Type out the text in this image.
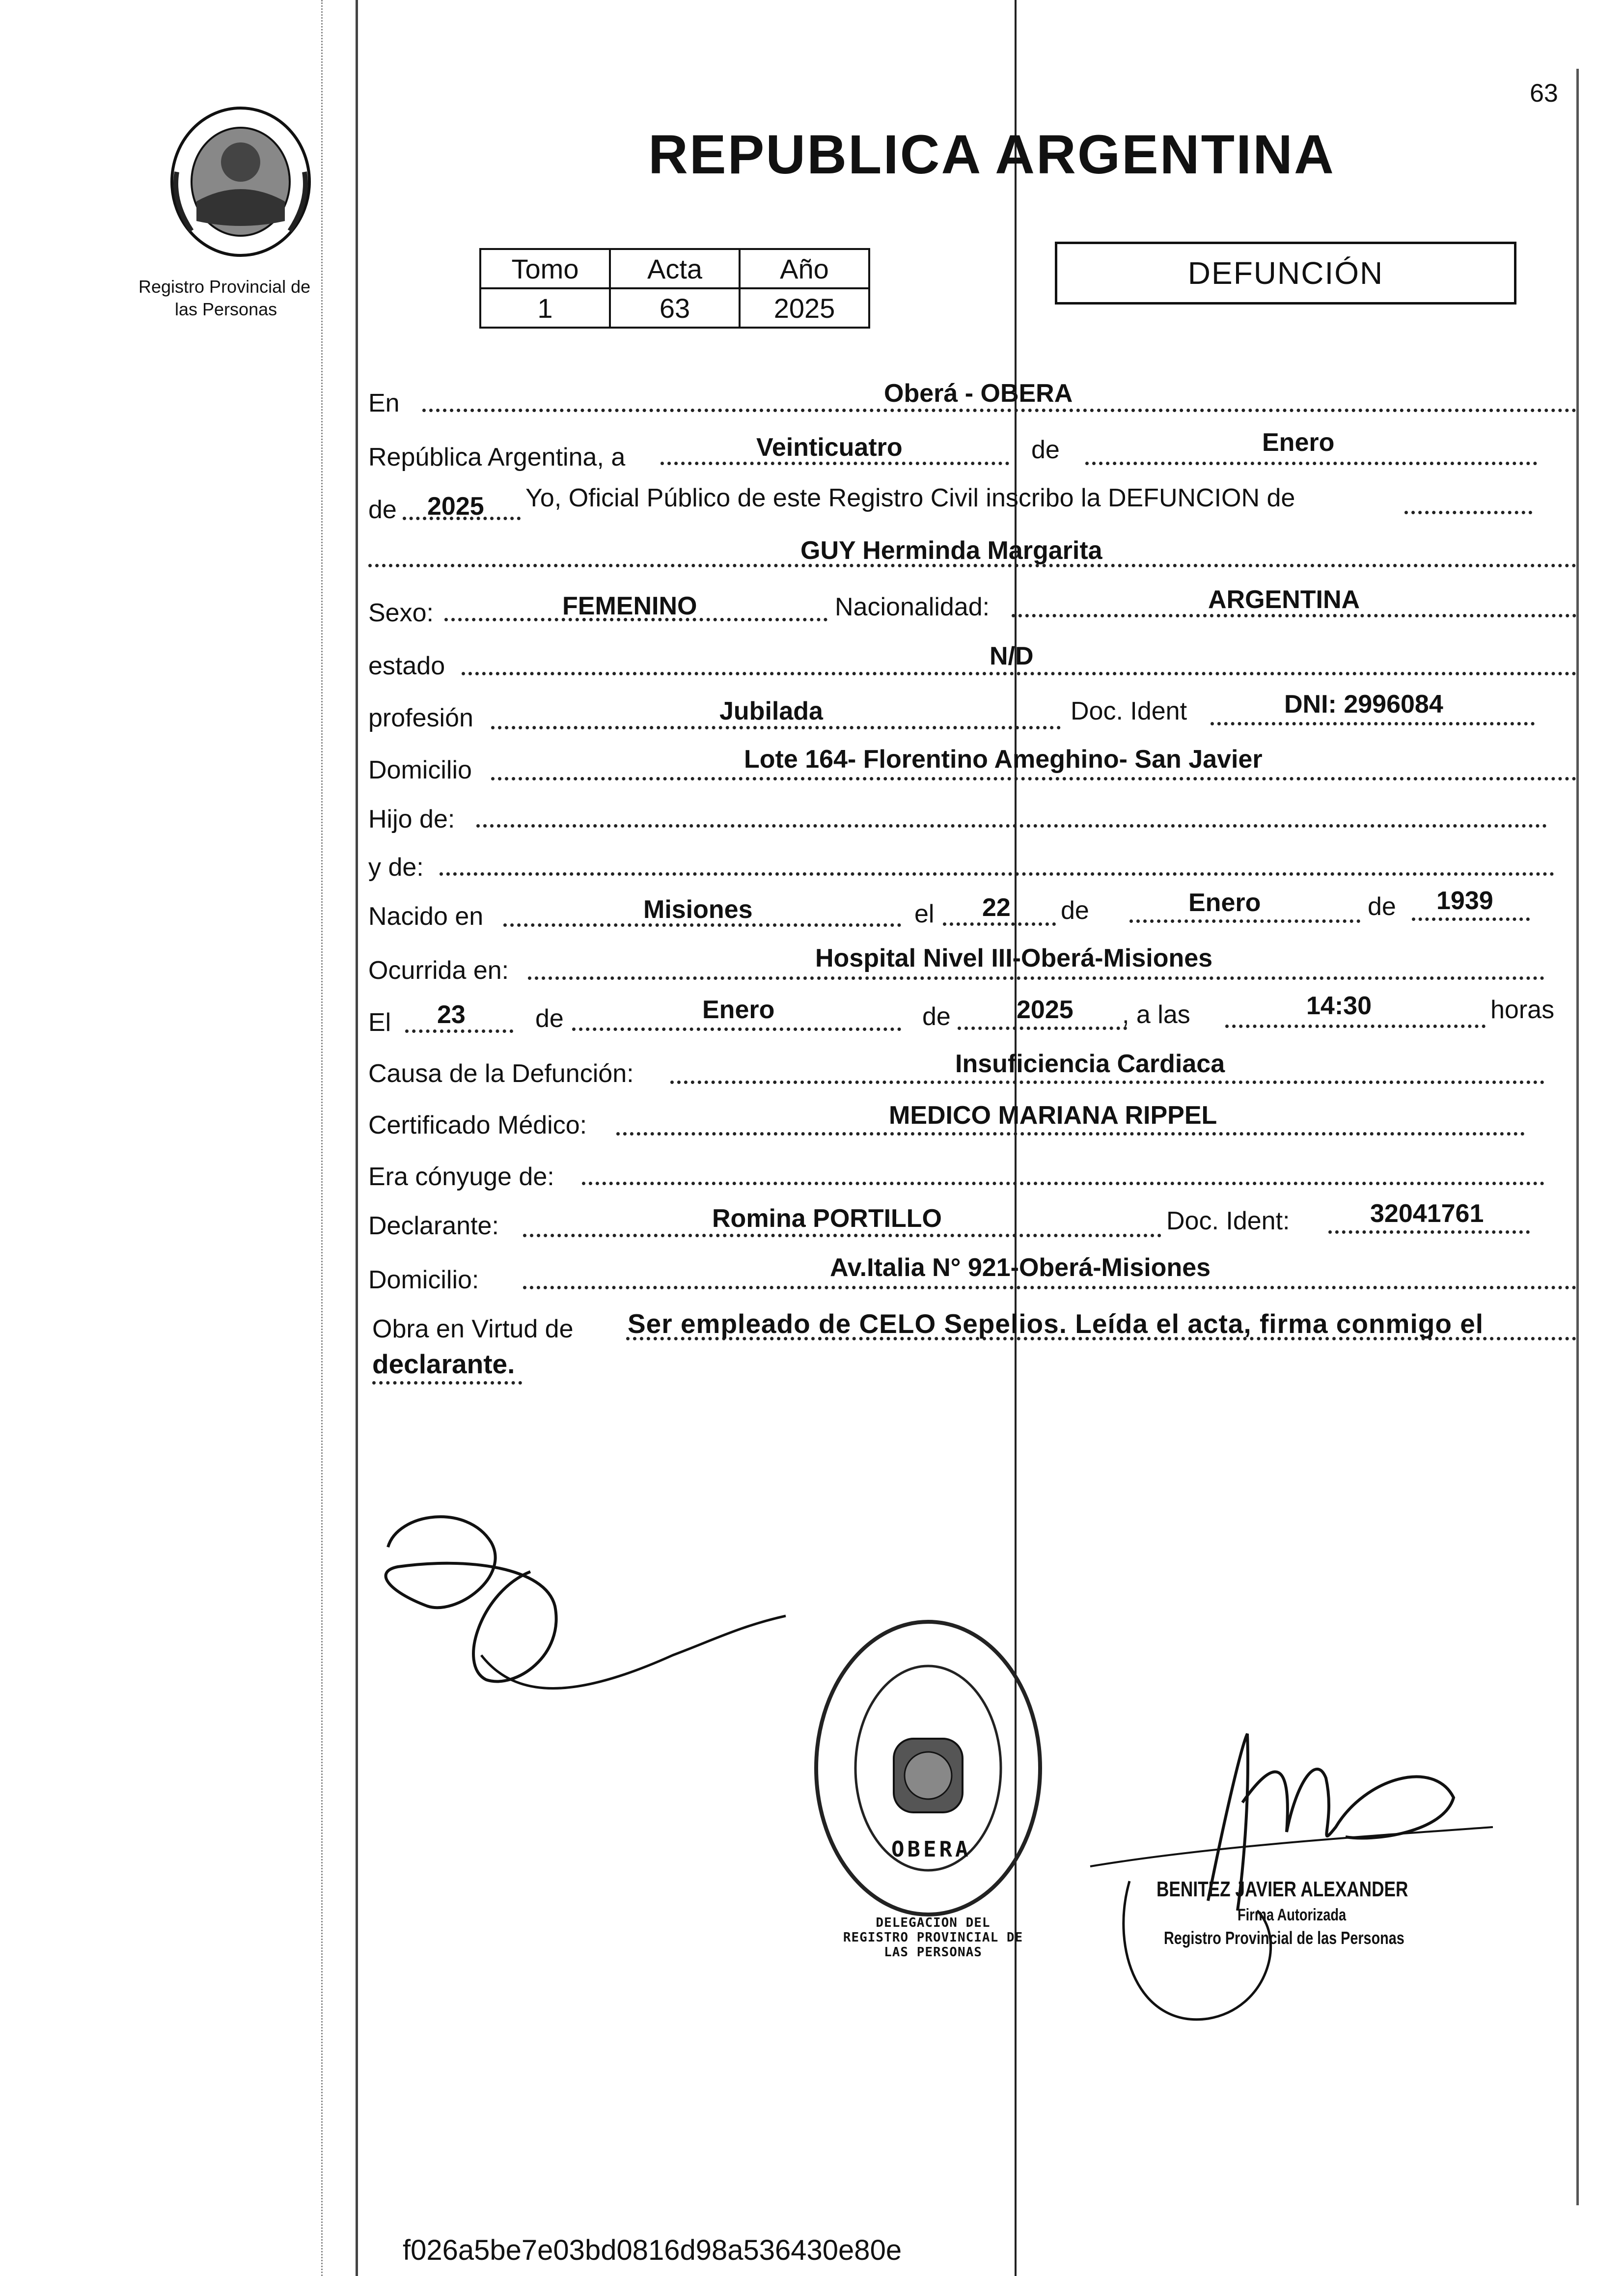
Registro Provincial de
las Personas
63
REPUBLICA ARGENTINA
Tomo	Acta	Año
1	63	2025
DEFUNCIÓN
En	Oberá - OBERA
República Argentina, a	Veinticuatro	de	Enero
de 2025 Yo, Oficial Público de este Registro Civil inscribo la DEFUNCION de
GUY Herminda Margarita
Sexo:	FEMENINO	Nacionalidad:	ARGENTINA
estado	N/D
profesión	Jubilada	Doc. Ident	DNI: 2996084
Domicilio	Lote 164- Florentino Ameghino- San Javier
Hijo de:
y de:
Nacido en	Misiones	el 22 de	Enero	de 1939
Ocurrida en:	Hospital Nivel III-Oberá-Misiones
El 23	de	Enero	de	2025 , a las	14:30	horas
Causa de la Defunción:	Insuficiencia Cardiaca
Certificado Médico:	MEDICO MARIANA RIPPEL
Era cónyuge de:
Declarante:	Romina PORTILLO	Doc. Ident:	32041761
Domicilio:	Av.Italia N° 921-Oberá-Misiones
Obra en Virtud de Ser empleado de CELO Sepelios. Leída el acta, firma conmigo el
declarante.
DELEGACION DEL REGISTRO PROVINCIAL DE LAS PERSONAS
OBERA
BENITEZ JAVIER ALEXANDER
Firma Autorizada
Registro Provincial de las Personas
f026a5be7e03bd0816d98a536430e80e
